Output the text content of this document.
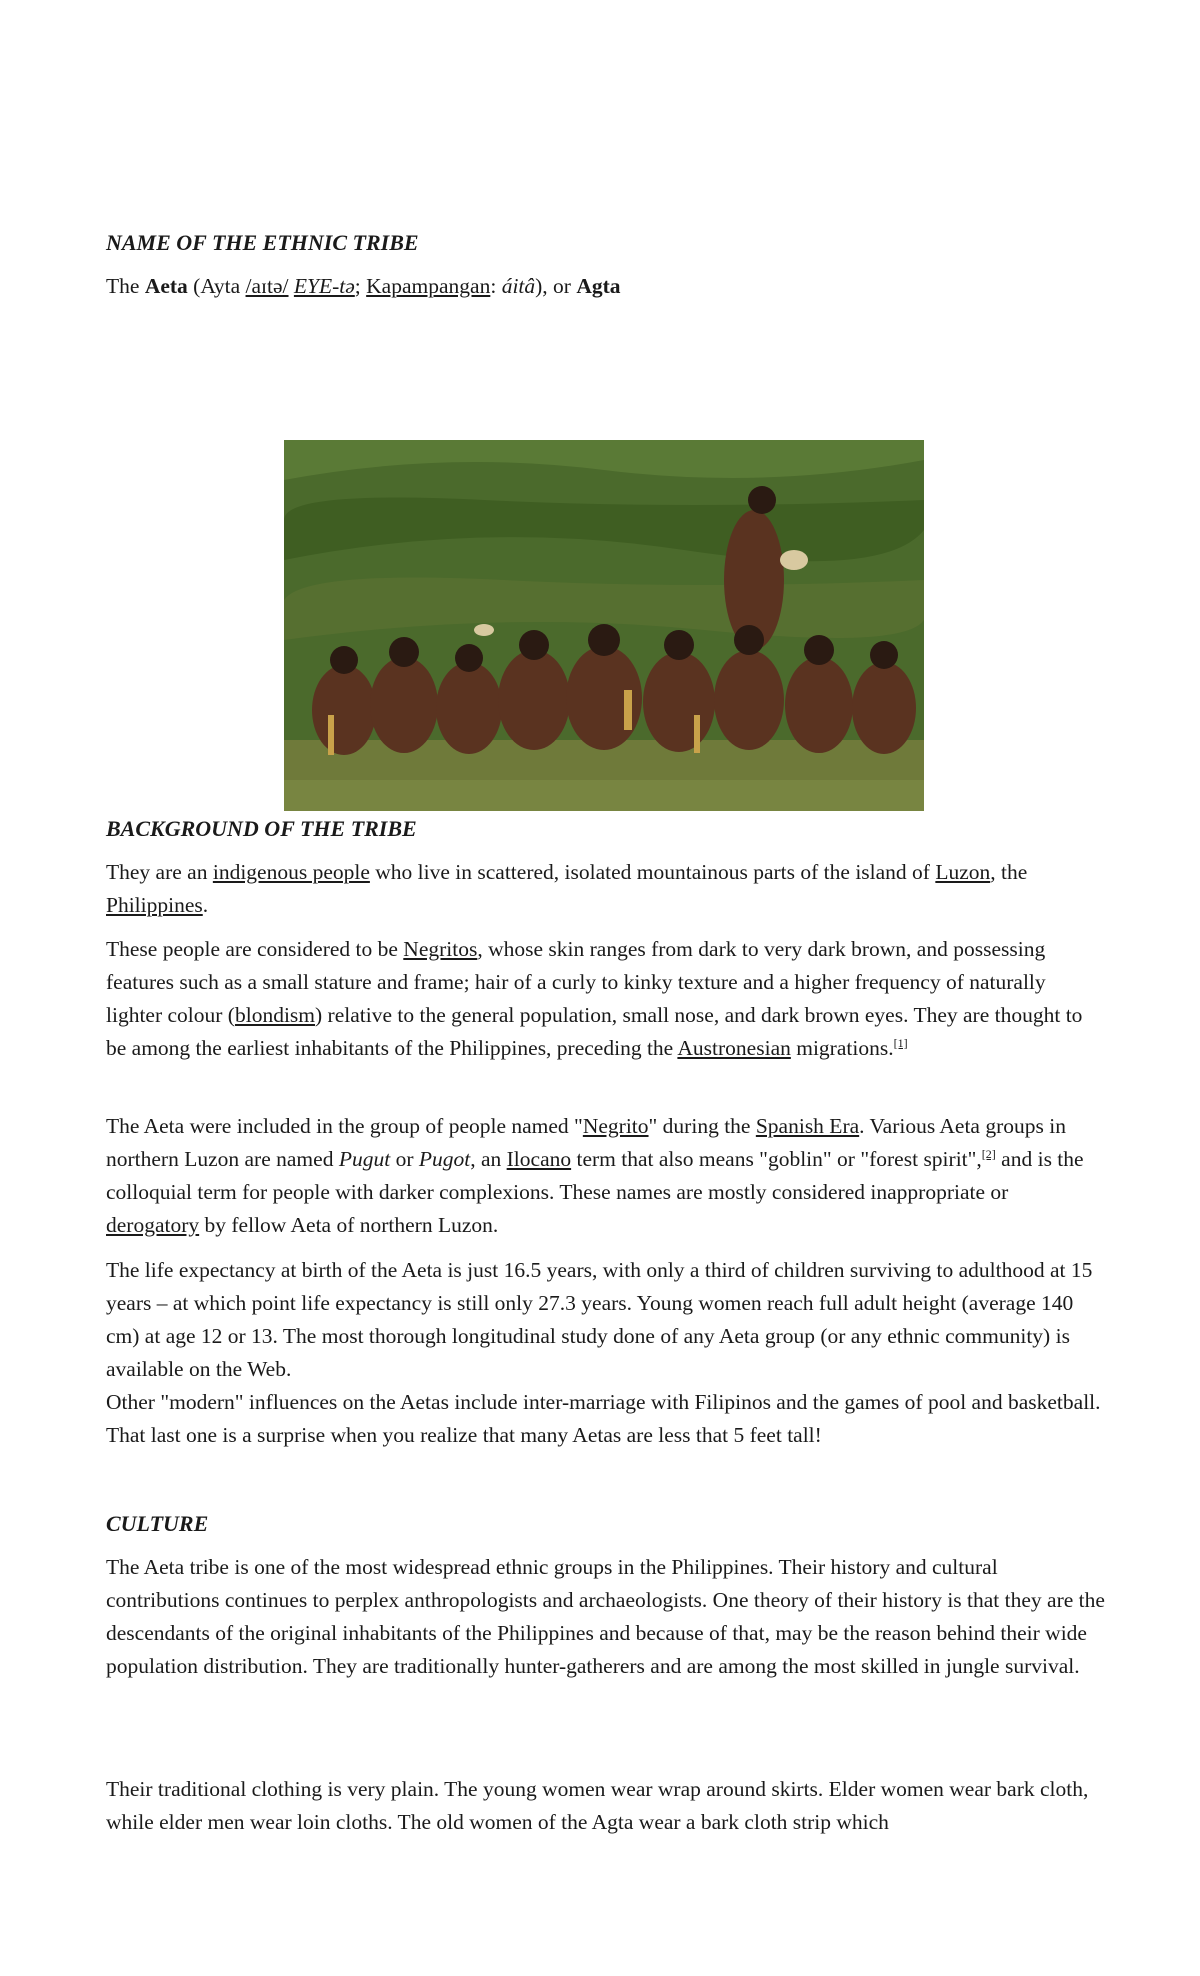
NAME OF THE ETHNIC TRIBE

The Aeta (Ayta /aɪtə/ EYE-tə; Kapampangan: áitâ), or Agta

BACKGROUND OF THE TRIBE

They are an indigenous people who live in scattered, isolated mountainous parts of the island of Luzon, the Philippines.

These people are considered to be Negritos, whose skin ranges from dark to very dark brown, and possessing features such as a small stature and frame; hair of a curly to kinky texture and a higher frequency of naturally lighter colour (blondism) relative to the general population, small nose, and dark brown eyes. They are thought to be among the earliest inhabitants of the Philippines, preceding the Austronesian migrations.[1]

The Aeta were included in the group of people named "Negrito" during the Spanish Era. Various Aeta groups in northern Luzon are named Pugut or Pugot, an Ilocano term that also means "goblin" or "forest spirit",[2] and is the colloquial term for people with darker complexions. These names are mostly considered inappropriate or derogatory by fellow Aeta of northern Luzon.

The life expectancy at birth of the Aeta is just 16.5 years, with only a third of children surviving to adulthood at 15 years – at which point life expectancy is still only 27.3 years. Young women reach full adult height (average 140 cm) at age 12 or 13. The most thorough longitudinal study done of any Aeta group (or any ethnic community) is available on the Web.

Other "modern" influences on the Aetas include inter-marriage with Filipinos and the games of pool and basketball. That last one is a surprise when you realize that many Aetas are less that 5 feet tall!

CULTURE

The Aeta tribe is one of the most widespread ethnic groups in the Philippines. Their history and cultural contributions continues to perplex anthropologists and archaeologists. One theory of their history is that they are the descendants of the original inhabitants of the Philippines and because of that, may be the reason behind their wide population distribution. They are traditionally hunter-gatherers and are among the most skilled in jungle survival.

Their traditional clothing is very plain. The young women wear wrap around skirts. Elder women wear bark cloth, while elder men wear loin cloths. The old women of the Agta wear a bark cloth strip which
